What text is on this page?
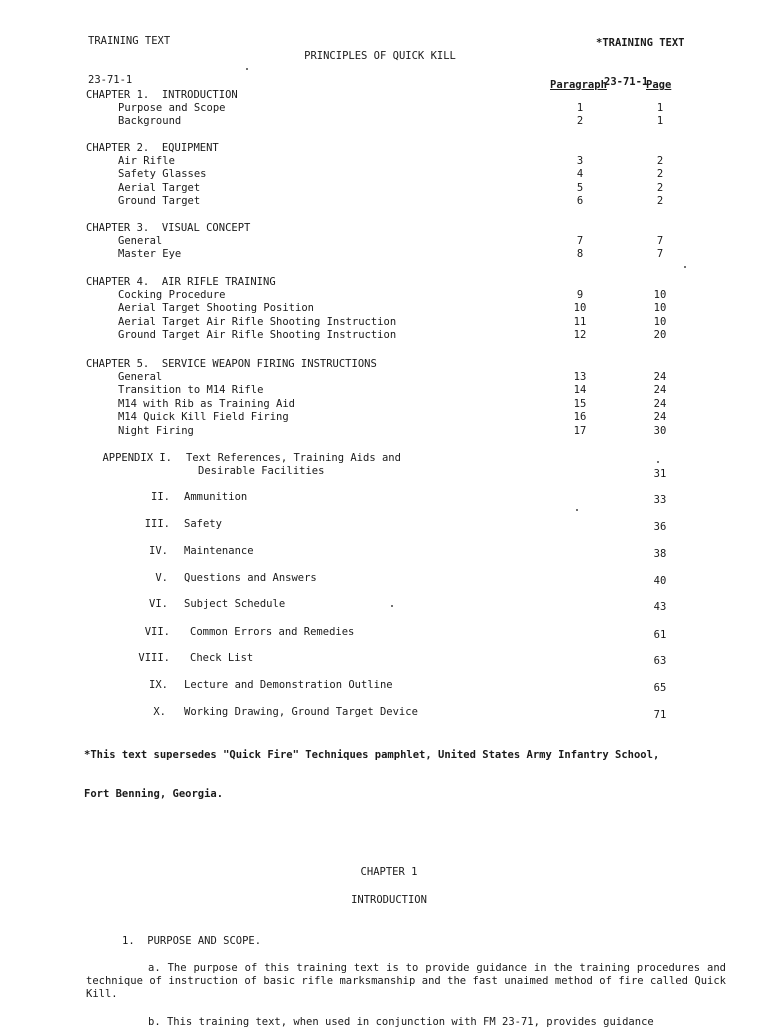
TRAINING TEXT

23-71-1

*TRAINING TEXT

23-71-1

PRINCIPLES OF QUICK KILL
Paragraph	Page
CHAPTER 1.  INTRODUCTION
Purpose and Scope	1	1
Background	2	1
CHAPTER 2.  EQUIPMENT
Air Rifle	3	2
Safety Glasses	4	2
Aerial Target	5	2
Ground Target	6	2
CHAPTER 3.  VISUAL CONCEPT
General	7	7
Master Eye	8	7
CHAPTER 4.  AIR RIFLE TRAINING
Cocking Procedure	9	10
Aerial Target Shooting Position	10	10
Aerial Target Air Rifle Shooting Instruction	11	10
Ground Target Air Rifle Shooting Instruction	12	20
CHAPTER 5.  SERVICE WEAPON FIRING INSTRUCTIONS
General	13	24
Transition to M14 Rifle	14	24
M14 with Rib as Training Aid	15	24
M14 Quick Kill Field Firing	16	24
Night Firing	17	30
APPENDIX I. Text References, Training Aids and
Desirable Facilities	31
II. Ammunition	33
III. Safety	36
IV. Maintenance	38
V. Questions and Answers	40
VI. Subject Schedule	43
VII. Common Errors and Remedies	61
VIII. Check List	63
IX. Lecture and Demonstration Outline	65
X. Working Drawing, Ground Target Device	71

*This text supersedes "Quick Fire" Techniques pamphlet, United States Army Infantry School,

Fort Benning, Georgia.

CHAPTER 1
INTRODUCTION
1.  PURPOSE AND SCOPE.
a. The purpose of this training text is to provide guidance in the training procedures and technique of instruction of basic rifle marksmanship and the fast unaimed method of fire called Quick Kill.
b. This training text, when used in conjunction with FM 23-71, provides guidance
